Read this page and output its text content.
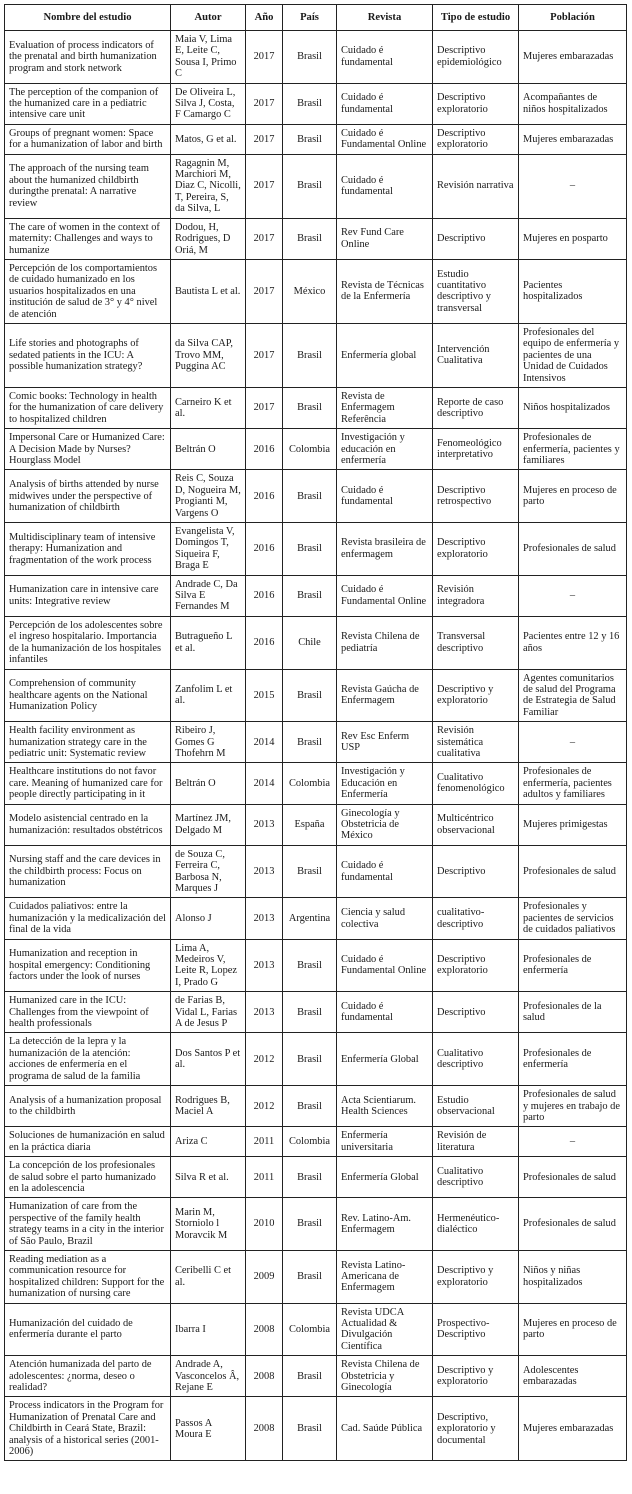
Nombre del estudio	Autor	Año	País	Revista	Tipo de estudio	Población
Evaluation of process indicators of the prenatal and birth humanization program and stork network	Maia V, Lima E, Leite C, Sousa I, Primo C	2017	Brasil	Cuidado é fundamental	Descriptivo epidemiológico	Mujeres embarazadas
The perception of the companion of the humanized care in a pediatric intensive care unit	De Oliveira L, Silva J, Costa, F Camargo C	2017	Brasil	Cuidado é fundamental	Descriptivo exploratorio	Acompañantes de niños hospitalizados
Groups of pregnant women: Space for a humanization of labor and birth	Matos, G et al.	2017	Brasil	Cuidado é Fundamental Online	Descriptivo exploratorio	Mujeres embarazadas
The approach of the nursing team about the humanized childbirth duringthe prenatal: A narrative review	Ragagnin M, Marchiori M, Diaz C, Nicolli, T, Pereira, S, da Silva, L	2017	Brasil	Cuidado é fundamental	Revisión narrativa	–
The care of women in the context of maternity: Challenges and ways to humanize	Dodou, H, Rodrigues, D Oriá, M	2017	Brasil	Rev Fund Care Online	Descriptivo	Mujeres en posparto
Percepción de los comportamientos de cuidado humanizado en los usuarios hospitalizados en una institución de salud de 3° y 4° nivel de atención	Bautista L et al.	2017	México	Revista de Técnicas de la Enfermería	Estudio cuantitativo descriptivo y transversal	Pacientes hospitalizados
Life stories and photographs of sedated patients in the ICU: A possible humanization strategy?	da Silva CAP, Trovo MM, Puggina AC	2017	Brasil	Enfermería global	Intervención Cualitativa	Profesionales del equipo de enfermería y pacientes de una Unidad de Cuidados Intensivos
Comic books: Technology in health for the humanization of care delivery to hospitalized children	Carneiro K et al.	2017	Brasil	Revista de Enfermagem Referência	Reporte de caso descriptivo	Niños hospitalizados
Impersonal Care or Humanized Care: A Decision Made by Nurses? Hourglass Model	Beltrán O	2016	Colombia	Investigación y educación en enfermería	Fenomeológico interpretativo	Profesionales de enfermería, pacientes y familiares
Analysis of births attended by nurse midwives under the perspective of humanization of childbirth	Reis C, Souza D, Nogueira M, Progianti M, Vargens O	2016	Brasil	Cuidado é fundamental	Descriptivo retrospectivo	Mujeres en proceso de parto
Multidisciplinary team of intensive therapy: Humanization and fragmentation of the work process	Evangelista V, Domingos T, Siqueira F, Braga E	2016	Brasil	Revista brasileira de enfermagem	Descriptivo exploratorio	Profesionales de salud
Humanization care in intensive care units: Integrative review	Andrade C, Da Silva E Fernandes M	2016	Brasil	Cuidado é Fundamental Online	Revisión integradora	–
Percepción de los adolescentes sobre el ingreso hospitalario. Importancia de la humanización de los hospitales infantiles	Butragueño L et al.	2016	Chile	Revista Chilena de pediatría	Transversal descriptivo	Pacientes entre 12 y 16 años
Comprehension of community healthcare agents on the National Humanization Policy	Zanfolim L et al.	2015	Brasil	Revista Gaúcha de Enfermagem	Descriptivo y exploratorio	Agentes comunitarios de salud del Programa de Estrategia de Salud Familiar
Health facility environment as humanization strategy care in the pediatric unit: Systematic review	Ribeiro J, Gomes G Thofehrn M	2014	Brasil	Rev Esc Enferm USP	Revisión sistemática cualitativa	–
Healthcare institutions do not favor care. Meaning of humanized care for people directly participating in it	Beltrán O	2014	Colombia	Investigación y Educación en Enfermería	Cualitativo fenomenológico	Profesionales de enfermería, pacientes adultos y familiares
Modelo asistencial centrado en la humanización: resultados obstétricos	Martínez JM, Delgado M	2013	España	Ginecología y Obstetricia de México	Multicéntrico observacional	Mujeres primigestas
Nursing staff and the care devices in the childbirth process: Focus on humanization	de Souza C, Ferreira C, Barbosa N, Marques J	2013	Brasil	Cuidado é fundamental	Descriptivo	Profesionales de salud
Cuidados paliativos: entre la humanización y la medicalización del final de la vida	Alonso J	2013	Argentina	Ciencia y salud colectiva	cualitativo-descriptivo	Profesionales y pacientes de servicios de cuidados paliativos
Humanization and reception in hospital emergency: Conditioning factors under the look of nurses	Lima A, Medeiros V, Leite R, Lopez I, Prado G	2013	Brasil	Cuidado é Fundamental Online	Descriptivo exploratorio	Profesionales de enfermería
Humanized care in the ICU: Challenges from the viewpoint of health professionals	de Farias B, Vidal L, Farias A de Jesus P	2013	Brasil	Cuidado é fundamental	Descriptivo	Profesionales de la salud
La detección de la lepra y la humanización de la atención: acciones de enfermería en el programa de salud de la familia	Dos Santos P et al.	2012	Brasil	Enfermería Global	Cualitativo descriptivo	Profesionales de enfermería
Analysis of a humanization proposal to the childbirth	Rodrigues B, Maciel A	2012	Brasil	Acta Scientiarum. Health Sciences	Estudio observacional	Profesionales de salud y mujeres en trabajo de parto
Soluciones de humanización en salud en la práctica diaria	Ariza C	2011	Colombia	Enfermería universitaria	Revisión de literatura	–
La concepción de los profesionales de salud sobre el parto humanizado en la adolescencia	Silva R et al.	2011	Brasil	Enfermería Global	Cualitativo descriptivo	Profesionales de salud
Humanization of care from the perspective of the family health strategy teams in a city in the interior of São Paulo, Brazil	Marin M, Storniolo l Moravcik M	2010	Brasil	Rev. Latino-Am. Enfermagem	Hermenéutico-dialéctico	Profesionales de salud
Reading mediation as a communication resource for hospitalized children: Support for the humanization of nursing care	Ceribelli C et al.	2009	Brasil	Revista Latino-Americana de Enfermagem	Descriptivo y exploratorio	Niños y niñas hospitalizados
Humanización del cuidado de enfermería durante el parto	Ibarra I	2008	Colombia	Revista UDCA Actualidad & Divulgación Científica	Prospectivo-Descriptivo	Mujeres en proceso de parto
Atención humanizada del parto de adolescentes: ¿norma, deseo o realidad?	Andrade A, Vasconcelos Â, Rejane E	2008	Brasil	Revista Chilena de Obstetricia y Ginecología	Descriptivo y exploratorio	Adolescentes embarazadas
Process indicators in the Program for Humanization of Prenatal Care and Childbirth in Ceará State, Brazil: analysis of a historical series (2001-2006)	Passos A Moura E	2008	Brasil	Cad. Saúde Pública	Descriptivo, exploratorio y documental	Mujeres embarazadas
